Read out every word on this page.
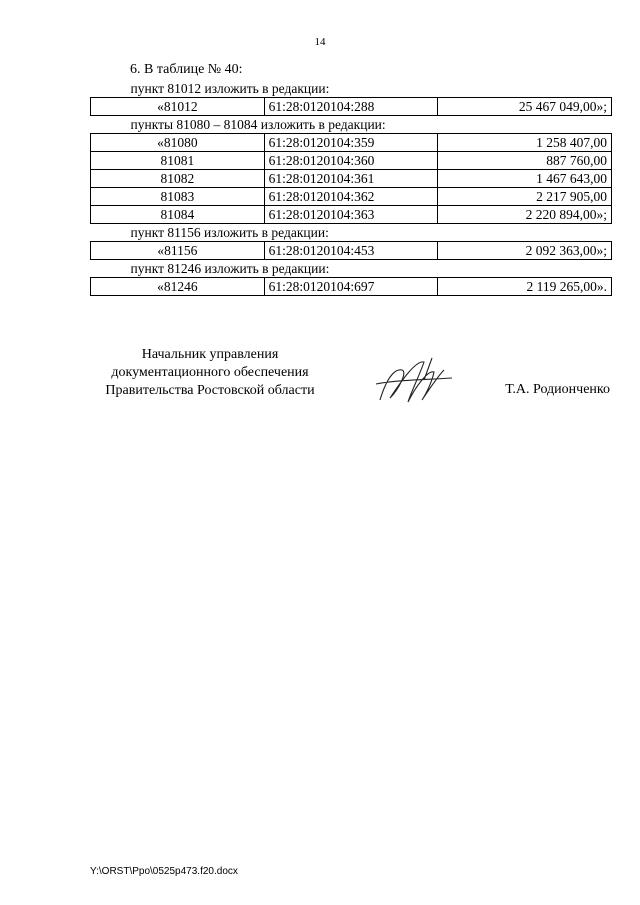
14
6. В таблице № 40:
пункт 81012 изложить в редакции:		
«81012	61:28:0120104:288	25 467 049,00»;
пункты 81080 – 81084 изложить в редакции:		
«81080	61:28:0120104:359	1 258 407,00
81081	61:28:0120104:360	887 760,00
81082	61:28:0120104:361	1 467 643,00
81083	61:28:0120104:362	2 217 905,00
81084	61:28:0120104:363	2 220 894,00»;
пункт 81156 изложить в редакции:		
«81156	61:28:0120104:453	2 092 363,00»;
пункт 81246 изложить в редакции:		
«81246	61:28:0120104:697	2 119 265,00».
Начальник управления
документационного обеспечения
Правительства Ростовской области	Т.А. Родионченко
Y:\ORST\Ppo\0525p473.f20.docx
